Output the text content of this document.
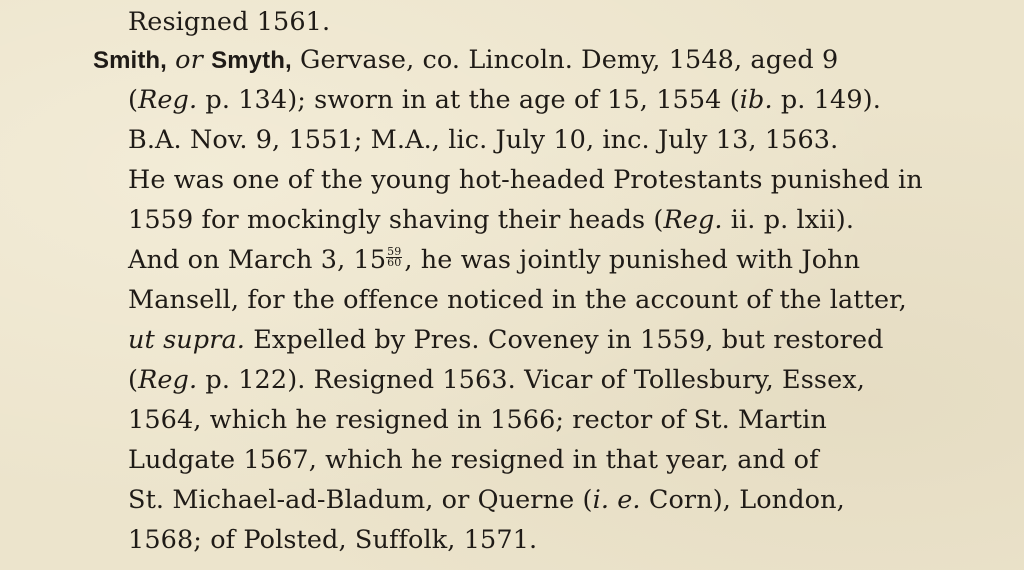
Resigned 1561.
Smith, or Smyth, Gervase, co. Lincoln. Demy, 1548, aged 9
(Reg. p. 134); sworn in at the age of 15, 1554 (ib. p. 149).
B.A. Nov. 9, 1551; M.A., lic. July 10, inc. July 13, 1563.
He was one of the young hot-headed Protestants punished in
1559 for mockingly shaving their heads (Reg. ii. p. lxii).
And on March 3, $15 \frac{59}{60}$ , he was jointly punished with John
Mansell, for the offence noticed in the account of the latter,
ut supra. Expelled by Pres. Coveney in 1559, but restored
(Reg. p. 122). Resigned 1563. Vicar of Tollesbury, Essex,
1564, which he resigned in 1566; rector of St. Martin
Ludgate 1567, which he resigned in that year, and of
St. Michael-ad-Bladum, or Querne (i. e. Corn), London,
1568; of Polsted, Suffolk, 1571.
